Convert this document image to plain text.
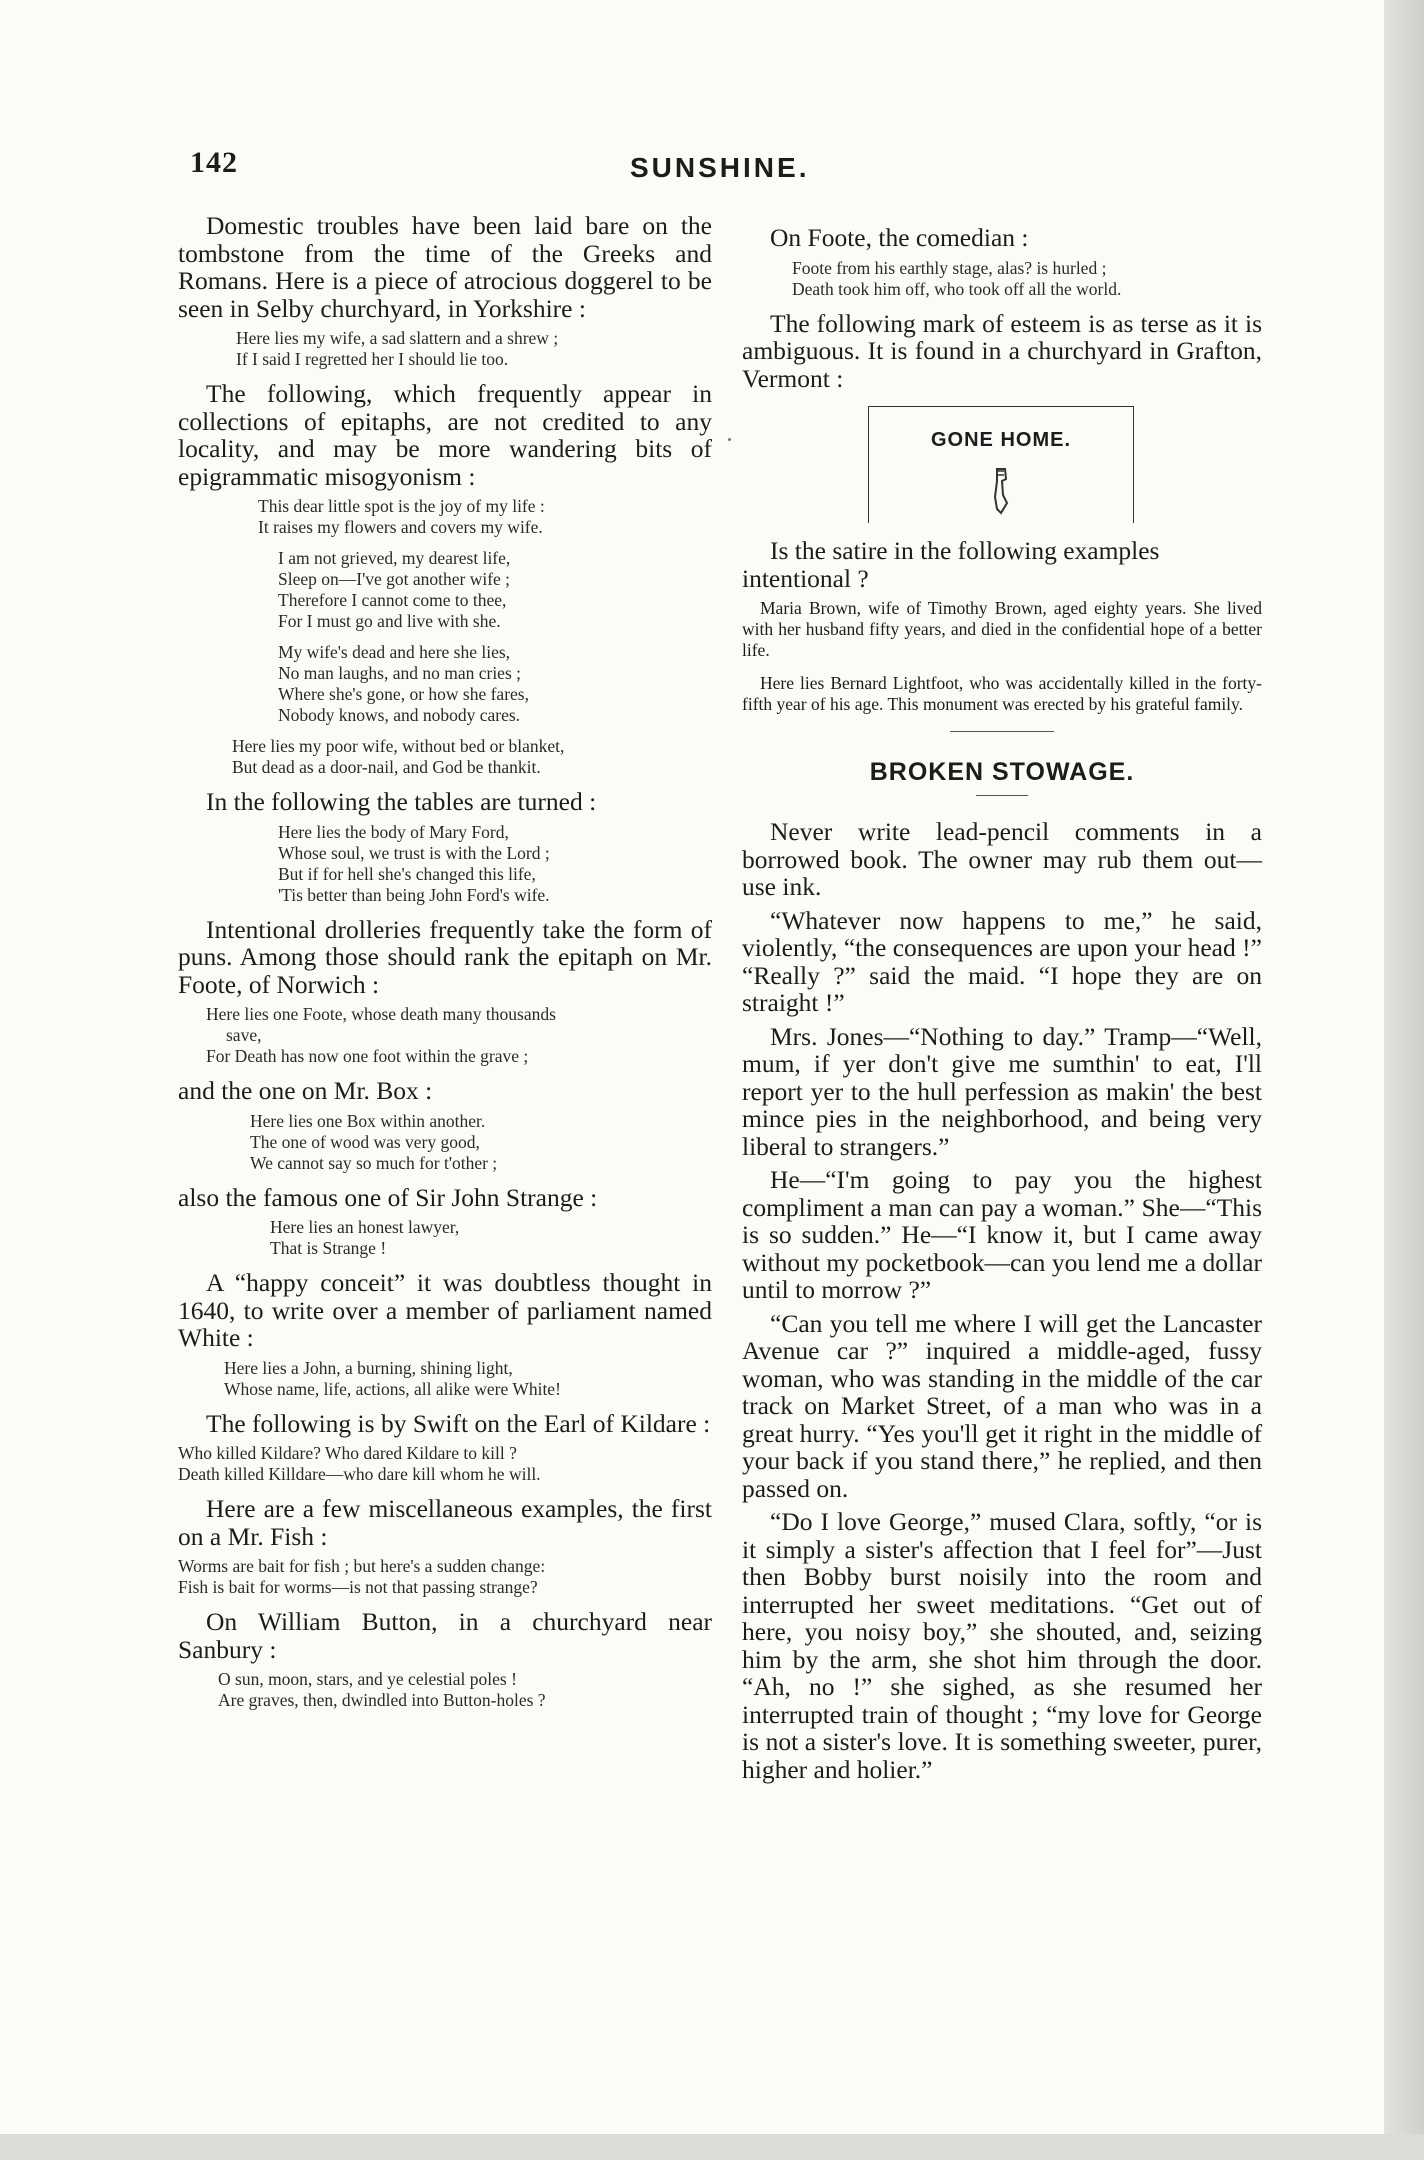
142	SUNSHINE.

Domestic troubles have been laid bare on the tombstone from the time of the Greeks and Romans. Here is a piece of atrocious doggerel to be seen in Selby churchyard, in Yorkshire :

Here lies my wife, a sad slattern and a shrew ;
If I said I regretted her I should lie too.

The following, which frequently appear in collections of epitaphs, are not credited to any locality, and may be more wandering bits of epigrammatic misogyonism :

This dear little spot is the joy of my life :
It raises my flowers and covers my wife.
I am not grieved, my dearest life,
Sleep on—I've got another wife ;
Therefore I cannot come to thee,
For I must go and live with she.
My wife's dead and here she lies,
No man laughs, and no man cries ;
Where she's gone, or how she fares,
Nobody knows, and nobody cares.
Here lies my poor wife, without bed or blanket,
But dead as a door-nail, and God be thankit.

In the following the tables are turned :

Here lies the body of Mary Ford,
Whose soul, we trust is with the Lord ;
But if for hell she's changed this life,
'Tis better than being John Ford's wife.

Intentional drolleries frequently take the form of puns. Among those should rank the epitaph on Mr. Foote, of Norwich :

Here lies one Foote, whose death many thousands
save,
For Death has now one foot within the grave ;

and the one on Mr. Box :

Here lies one Box within another.
The one of wood was very good,
We cannot say so much for t'other ;

also the famous one of Sir John Strange :

Here lies an honest lawyer,
That is Strange !

A “happy conceit” it was doubtless thought in 1640, to write over a member of parliament named White :

Here lies a John, a burning, shining light,
Whose name, life, actions, all alike were White!

The following is by Swift on the Earl of Kildare :

Who killed Kildare? Who dared Kildare to kill ?
Death killed Killdare—who dare kill whom he will.

Here are a few miscellaneous examples, the first on a Mr. Fish :

Worms are bait for fish ; but here's a sudden change:
Fish is bait for worms—is not that passing strange?

On William Button, in a churchyard near Sanbury :

O sun, moon, stars, and ye celestial poles !
Are graves, then, dwindled into Button-holes ?

On Foote, the comedian :

Foote from his earthly stage, alas? is hurled ;
Death took him off, who took off all the world.

The following mark of esteem is as terse as it is ambiguous. It is found in a churchyard in Grafton, Vermont :

GONE HOME.

Is the satire in the following examples intentional ?

Maria Brown, wife of Timothy Brown, aged eighty years. She lived with her husband fifty years, and died in the confidential hope of a better life.

Here lies Bernard Lightfoot, who was accidentally killed in the forty-fifth year of his age. This monument was erected by his grateful family.

BROKEN STOWAGE.

Never write lead-pencil comments in a borrowed book. The owner may rub them out—use ink.

“Whatever now happens to me,” he said, violently, “the consequences are upon your head !” “Really ?” said the maid. “I hope they are on straight !”

Mrs. Jones—“Nothing to day.” Tramp—“Well, mum, if yer don't give me sumthin' to eat, I'll report yer to the hull perfession as makin' the best mince pies in the neighborhood, and being very liberal to strangers.”

He—“I'm going to pay you the highest compliment a man can pay a woman.” She—“This is so sudden.” He—“I know it, but I came away without my pocketbook—can you lend me a dollar until to morrow ?”

“Can you tell me where I will get the Lancaster Avenue car ?” inquired a middle-aged, fussy woman, who was standing in the middle of the car track on Market Street, of a man who was in a great hurry. “Yes you'll get it right in the middle of your back if you stand there,” he replied, and then passed on.

“Do I love George,” mused Clara, softly, “or is it simply a sister's affection that I feel for”—Just then Bobby burst noisily into the room and interrupted her sweet meditations. “Get out of here, you noisy boy,” she shouted, and, seizing him by the arm, she shot him through the door. “Ah, no !” she sighed, as she resumed her interrupted train of thought ; “my love for George is not a sister's love. It is something sweeter, purer, higher and holier.”
